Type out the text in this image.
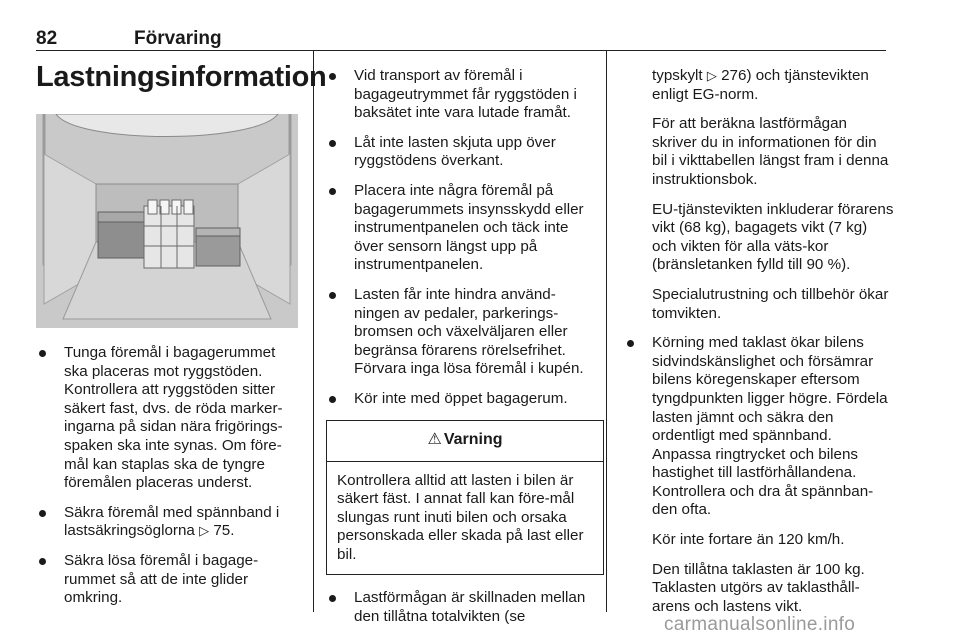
82	Förvaring
Lastningsinformation
Tunga föremål i bagagerummet ska placeras mot ryggstöden. Kontrollera att ryggstöden sitter säkert fast, dvs. de röda marker-ingarna på sidan nära frigörings-spaken ska inte synas. Om före-mål kan staplas ska de tyngre föremålen placeras underst.
Säkra föremål med spännband i lastsäkringsöglorna ▷ 75.
Säkra lösa föremål i bagage-rummet så att de inte glider omkring.
Vid transport av föremål i bagageutrymmet får ryggstöden i baksätet inte vara lutade framåt.
Låt inte lasten skjuta upp över ryggstödens överkant.
Placera inte några föremål på bagagerummets insynsskydd eller instrumentpanelen och täck inte över sensorn längst upp på instrumentpanelen.
Lasten får inte hindra använd-ningen av pedaler, parkerings-bromsen och växelväljaren eller begränsa förarens rörelsefrihet. Förvara inga lösa föremål i kupén.
Kör inte med öppet bagagerum.
⚠ Varning
Kontrollera alltid att lasten i bilen är säkert fäst. I annat fall kan före-mål slungas runt inuti bilen och orsaka personskada eller skada på last eller bil.
Lastförmågan är skillnaden mellan den tillåtna totalvikten (se

typskylt ▷ 276) och tjänstevikten enligt EG-norm.

För att beräkna lastförmågan skriver du in informationen för din bil i vikttabellen längst fram i denna instruktionsbok.

EU-tjänstevikten inkluderar förarens vikt (68 kg), bagagets vikt (7 kg) och vikten för alla väts-kor (bränsletanken fylld till 90 %).

Specialutrustning och tillbehör ökar tomvikten.

Körning med taklast ökar bilens sidvindskänslighet och försämrar bilens köregenskaper eftersom tyngdpunkten ligger högre. Fördela lasten jämnt och säkra den ordentligt med spännband. Anpassa ringtrycket och bilens hastighet till lastförhållandena. Kontrollera och dra åt spännban-den ofta.

Kör inte fortare än 120 km/h.

Den tillåtna taklasten är 100 kg. Taklasten utgörs av taklasthåll-arens och lastens vikt.

carmanualsonline.info
